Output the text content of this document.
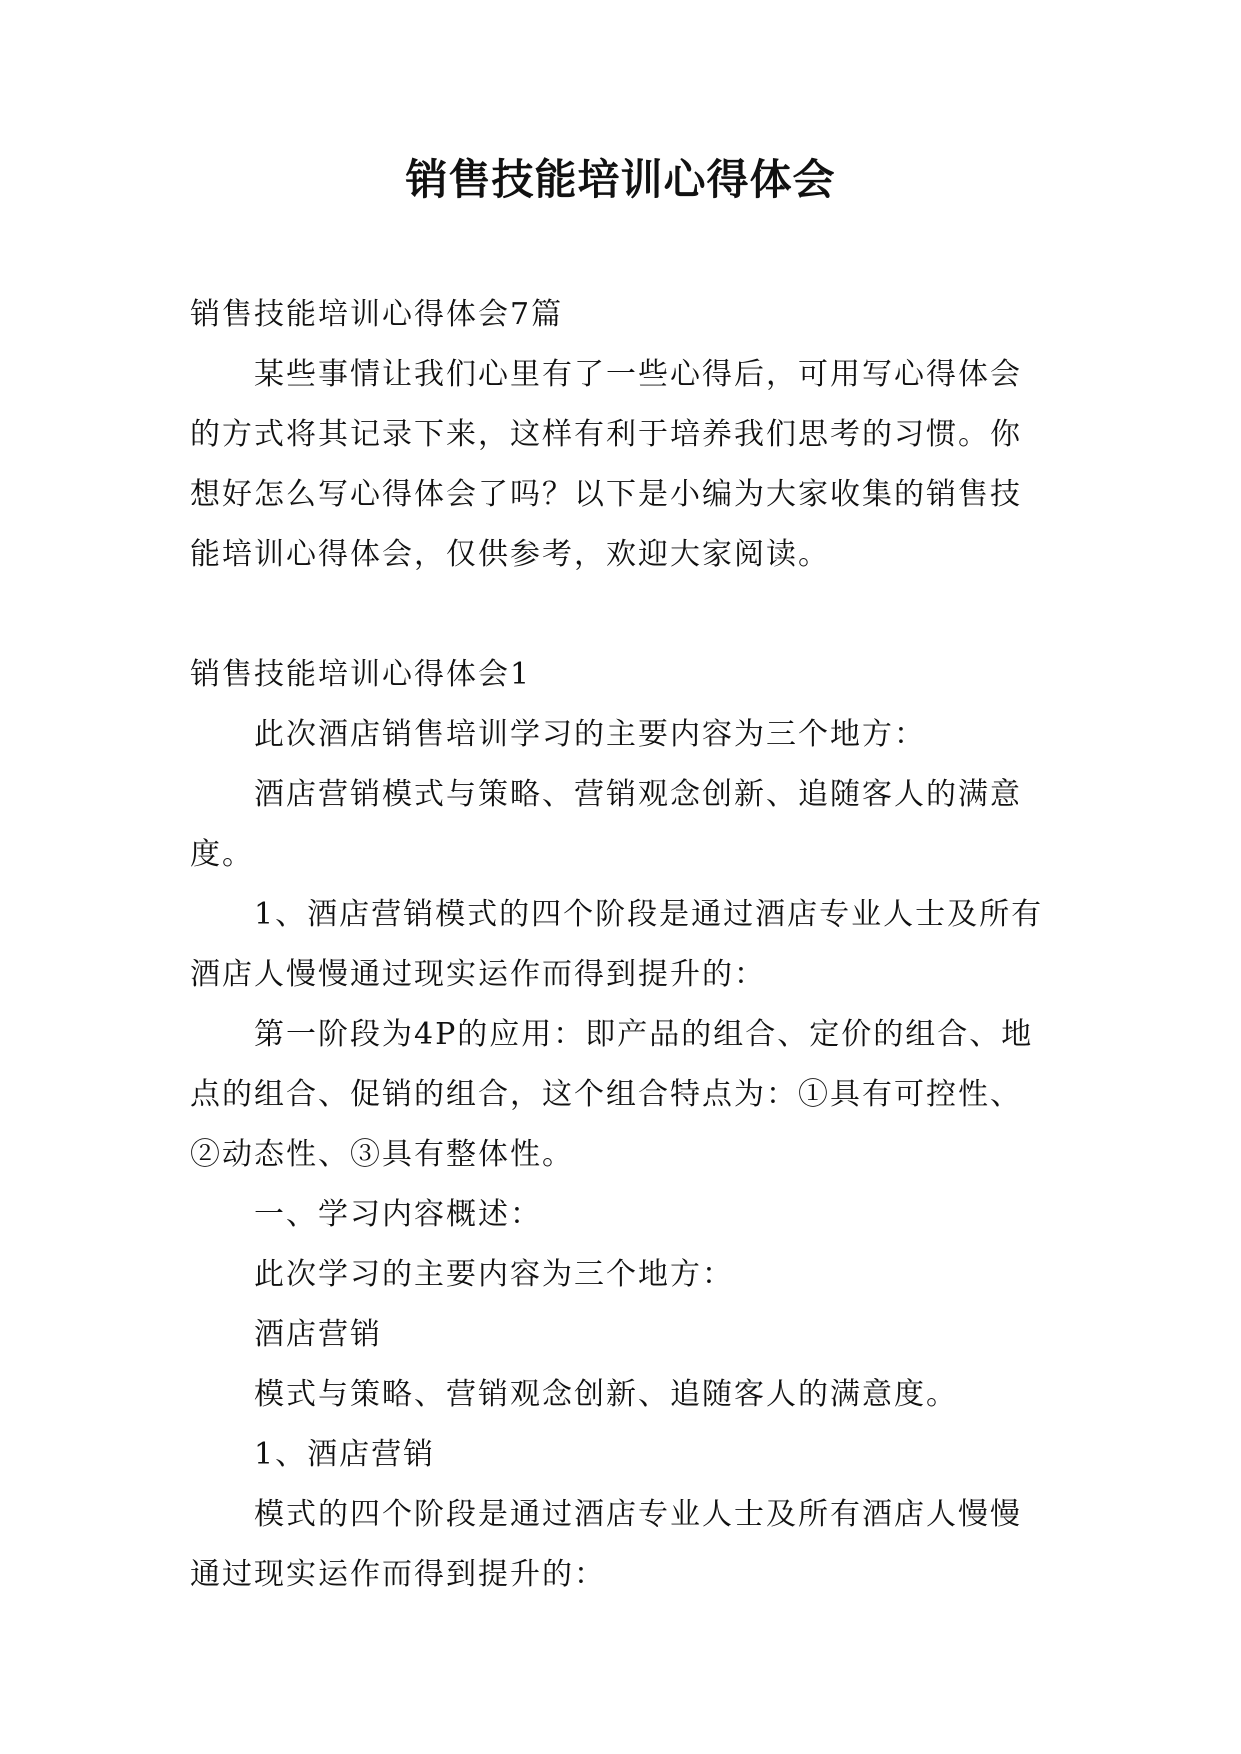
销售技能培训心得体会

销售技能培训心得体会7篇

某些事情让我们心里有了一些心得后，可用写心得体会的方式将其记录下来，这样有利于培养我们思考的习惯。你想好怎么写心得体会了吗？以下是小编为大家收集的销售技能培训心得体会，仅供参考，欢迎大家阅读。

销售技能培训心得体会1

此次酒店销售培训学习的主要内容为三个地方：

酒店营销模式与策略、营销观念创新、追随客人的满意度。

1、酒店营销模式的四个阶段是通过酒店专业人士及所有酒店人慢慢通过现实运作而得到提升的：

第一阶段为4P的应用：即产品的组合、定价的组合、地点的组合、促销的组合，这个组合特点为：①具有可控性、②动态性、③具有整体性。

一、学习内容概述：

此次学习的主要内容为三个地方：

酒店营销

模式与策略、营销观念创新、追随客人的满意度。

1、酒店营销

模式的四个阶段是通过酒店专业人士及所有酒店人慢慢通过现实运作而得到提升的：
